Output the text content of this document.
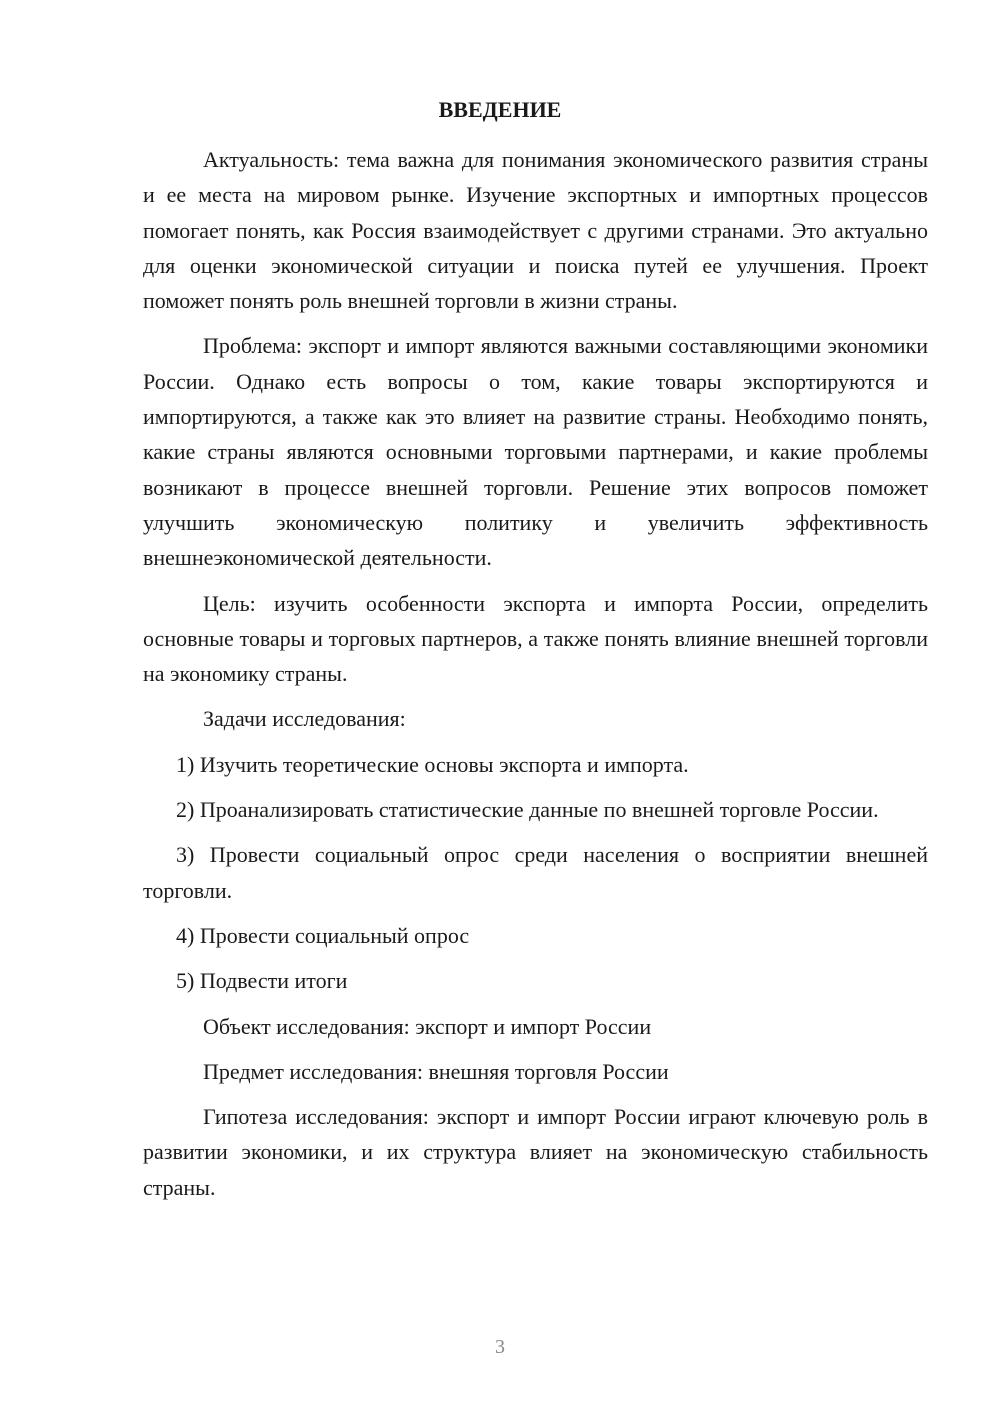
ВВЕДЕНИЕ

Актуальность: тема важна для понимания экономического развития страны и ее места на мировом рынке. Изучение экспортных и импортных процессов помогает понять, как Россия взаимодействует с другими странами. Это актуально для оценки экономической ситуации и поиска путей ее улучшения. Проект поможет понять роль внешней торговли в жизни страны.

Проблема: экспорт и импорт являются важными составляющими экономики России. Однако есть вопросы о том, какие товары экспортируются и импортируются, а также как это влияет на развитие страны. Необходимо понять, какие страны являются основными торговыми партнерами, и какие проблемы возникают в процессе внешней торговли. Решение этих вопросов поможет улучшить экономическую политику и увеличить эффективность внешнеэкономической деятельности.

Цель: изучить особенности экспорта и импорта России, определить основные товары и торговых партнеров, а также понять влияние внешней торговли на экономику страны.

Задачи исследования:

1) Изучить теоретические основы экспорта и импорта.

2) Проанализировать статистические данные по внешней торговле России.

3) Провести социальный опрос среди населения о восприятии внешней торговли.

4) Провести социальный опрос

5) Подвести итоги

Объект исследования: экспорт и импорт России

Предмет исследования: внешняя торговля России

Гипотеза исследования: экспорт и импорт России играют ключевую роль в развитии экономики, и их структура влияет на экономическую стабильность страны.

3
